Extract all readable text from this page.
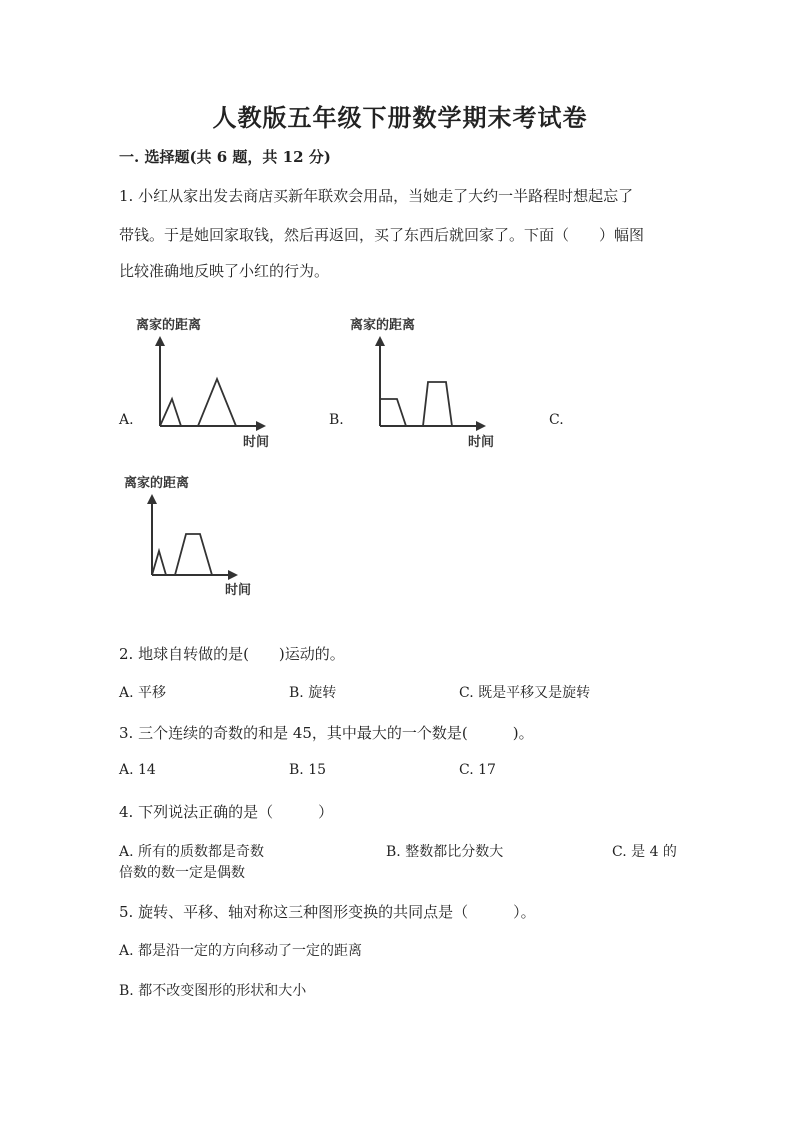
人教版五年级下册数学期末考试卷
一. 选择题(共 6 题，共 12 分)
1. 小红从家出发去商店买新年联欢会用品，当她走了大约一半路程时想起忘了
带钱。于是她回家取钱，然后再返回，买了东西后就回家了。下面（　　）幅图
比较准确地反映了小红的行为。
A.	B.	C.
离家的距离
时间
离家的距离
时间
离家的距离
时间
2. 地球自转做的是(　　)运动的。
A. 平移	B. 旋转	C. 既是平移又是旋转
3. 三个连续的奇数的和是 45，其中最大的一个数是(　　　)。
A. 14	B. 15	C. 17
4. 下列说法正确的是（　　　）
A. 所有的质数都是奇数	B. 整数都比分数大	C. 是 4 的
倍数的数一定是偶数
5. 旋转、平移、轴对称这三种图形变换的共同点是（　　　）。
A. 都是沿一定的方向移动了一定的距离
B. 都不改变图形的形状和大小
